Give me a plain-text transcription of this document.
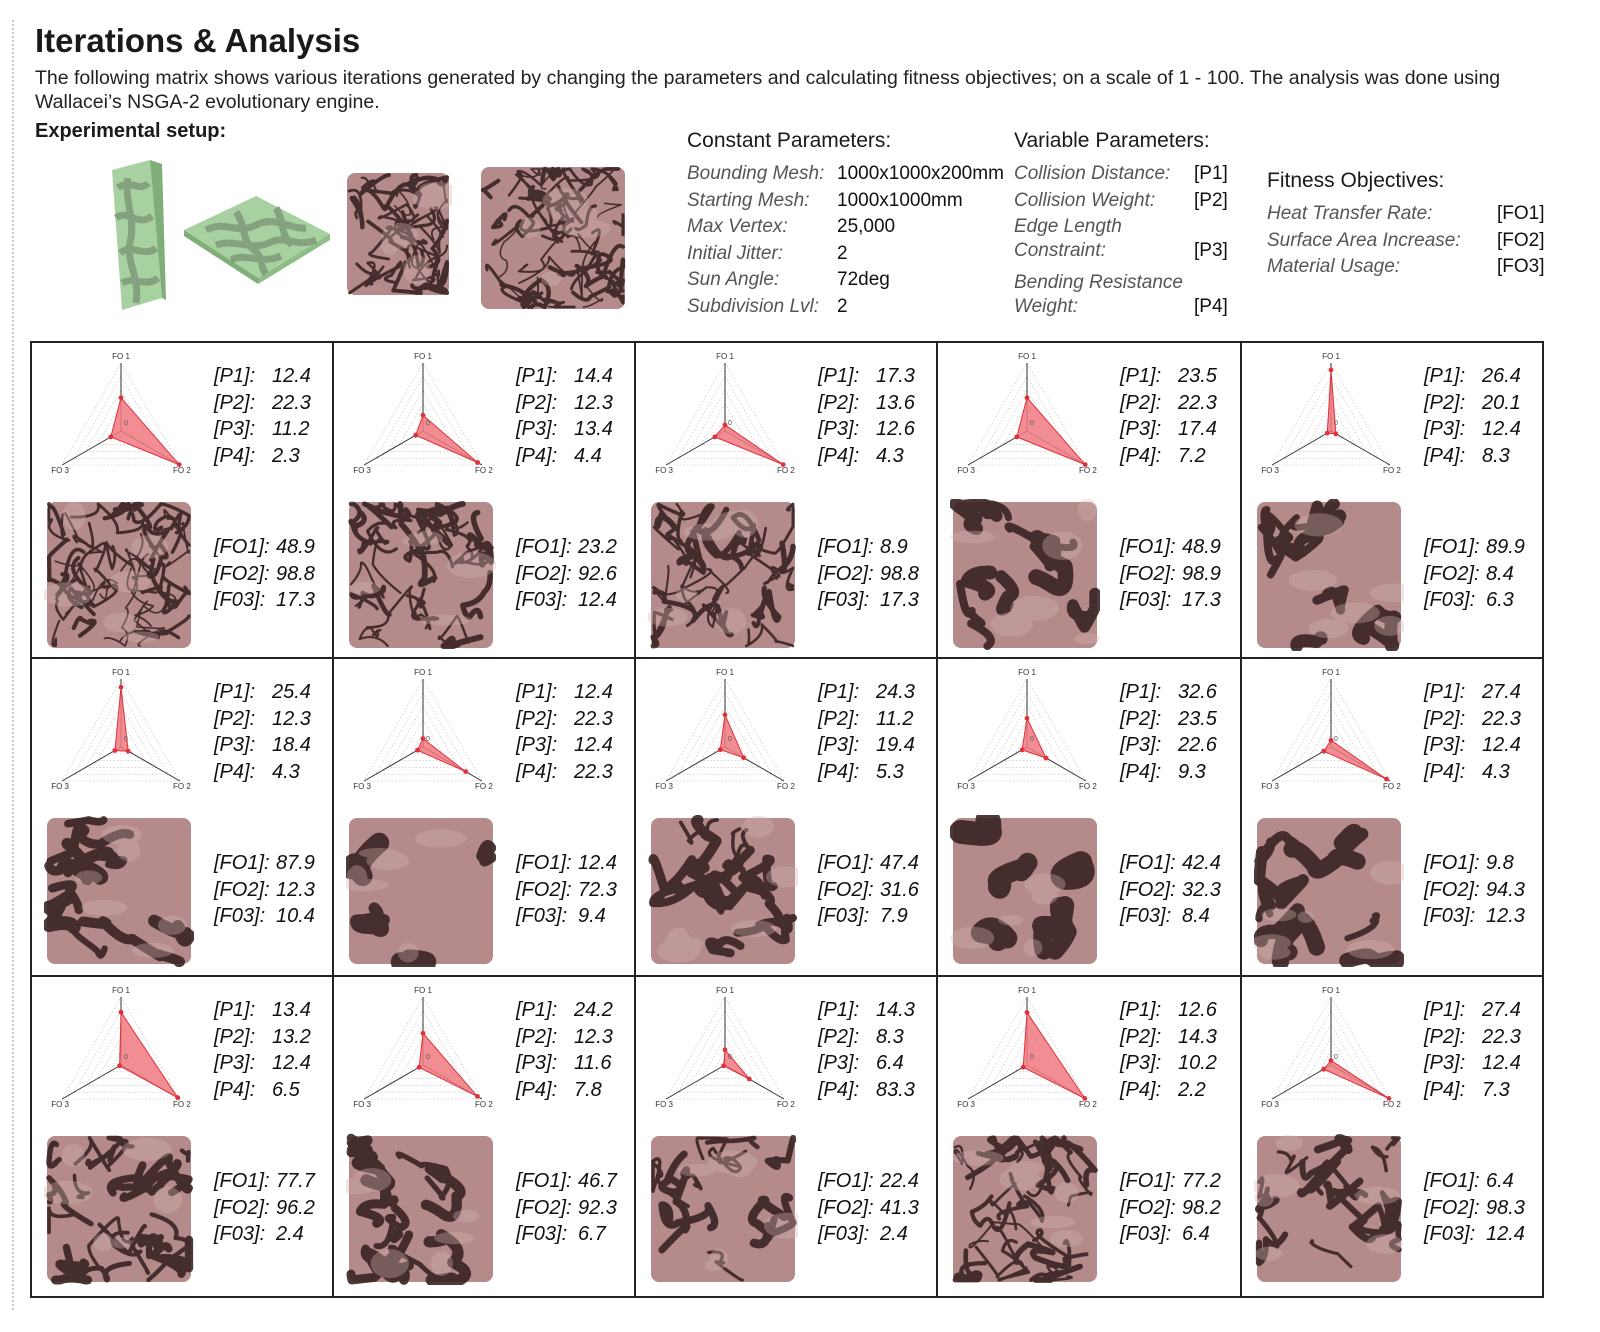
Iterations & Analysis

The following matrix shows various iterations generated by changing the parameters and calculating fitness objectives; on a scale of 1 - 100. The analysis was done using Wallacei’s NSGA-2 evolutionary engine.

Experimental setup:	Constant Parameters:
Bounding Mesh: 1000x1000x200mm
Starting Mesh: 1000x1000mm
Max Vertex:	25,000
Initial Jitter:	2
Sun Angle:	72deg
Subdivision Lvl: 2
Variable Parameters:
Collision Distance: [P1]
Collision Weight: [P2]
Edge Length
Constraint:	[P3]
Bending Resistance
Weight:	[P4]
Fitness Objectives:
Heat Transfer Rate:	[FO1]
Surface Area Increase: [FO2]
Material Usage:	[FO3]
FO 1
FO 2
FO 3
0
[P1]: 12.4
[P2]: 22.3
[P3]: 11.2
[P4]: 2.3
[FO1]: 48.9
[FO2]: 98.8
[F03]: 17.3
FO 1
FO 2
FO 3
0
[P1]: 14.4
[P2]: 12.3
[P3]: 13.4
[P4]: 4.4
[FO1]: 23.2
[FO2]: 92.6
[F03]: 12.4
FO 1
FO 2
FO 3
0
[P1]: 17.3
[P2]: 13.6
[P3]: 12.6
[P4]: 4.3
[FO1]: 8.9
[FO2]: 98.8
[F03]: 17.3
FO 1
FO 2
FO 3
0
[P1]: 23.5
[P2]: 22.3
[P3]: 17.4
[P4]: 7.2
[FO1]: 48.9
[FO2]: 98.9
[F03]: 17.3
FO 1
FO 2
FO 3
0
[P1]: 26.4
[P2]: 20.1
[P3]: 12.4
[P4]: 8.3
[FO1]: 89.9
[FO2]: 8.4
[F03]: 6.3
FO 1
FO 2
FO 3
0
[P1]: 25.4
[P2]: 12.3
[P3]: 18.4
[P4]: 4.3
[FO1]: 87.9
[FO2]: 12.3
[F03]: 10.4
FO 1
FO 2
FO 3
0
[P1]: 12.4
[P2]: 22.3
[P3]: 12.4
[P4]: 22.3
[FO1]: 12.4
[FO2]: 72.3
[F03]: 9.4
FO 1
FO 2
FO 3
0
[P1]: 24.3
[P2]: 11.2
[P3]: 19.4
[P4]: 5.3
[FO1]: 47.4
[FO2]: 31.6
[F03]: 7.9
FO 1
FO 2
FO 3
0
[P1]: 32.6
[P2]: 23.5
[P3]: 22.6
[P4]: 9.3
[FO1]: 42.4
[FO2]: 32.3
[F03]: 8.4
FO 1
FO 2
FO 3
0
[P1]: 27.4
[P2]: 22.3
[P3]: 12.4
[P4]: 4.3
[FO1]: 9.8
[FO2]: 94.3
[F03]: 12.3
FO 1
FO 2
FO 3
0
[P1]: 13.4
[P2]: 13.2
[P3]: 12.4
[P4]: 6.5
[FO1]: 77.7
[FO2]: 96.2
[F03]: 2.4
FO 1
FO 2
FO 3
0
[P1]: 24.2
[P2]: 12.3
[P3]: 11.6
[P4]: 7.8
[FO1]: 46.7
[FO2]: 92.3
[F03]: 6.7
FO 1
FO 2
FO 3
0
[P1]: 14.3
[P2]: 8.3
[P3]: 6.4
[P4]: 83.3
[FO1]: 22.4
[FO2]: 41.3
[F03]: 2.4
FO 1
FO 2
FO 3
0
[P1]: 12.6
[P2]: 14.3
[P3]: 10.2
[P4]: 2.2
[FO1]: 77.2
[FO2]: 98.2
[F03]: 6.4
FO 1
FO 2
FO 3
0
[P1]: 27.4
[P2]: 22.3
[P3]: 12.4
[P4]: 7.3
[FO1]: 6.4
[FO2]: 98.3
[F03]: 12.4
